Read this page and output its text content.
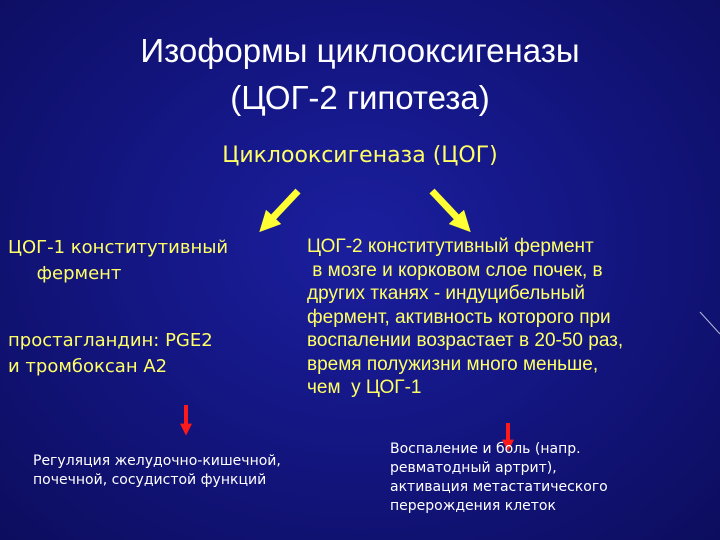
Изоформы циклооксигеназы
(ЦОГ-2 гипотеза)
Циклооксигеназа (ЦОГ)
ЦОГ-1 конститутивный
фермент
простагландин: PGE2
и тромбоксан А2
ЦОГ-2 конститутивный фермент
в мозге и корковом слое почек, в
других тканях - индуцибельный
фермент, активность которого при
воспалении возрастает в 20-50 раз,
время полужизни много меньше,
чем  у ЦОГ-1
Регуляция желудочно-кишечной,
почечной, сосудистой функций
Воспаление и боль (напр.
ревматодный артрит),
активация метастатического
перерождения клеток
